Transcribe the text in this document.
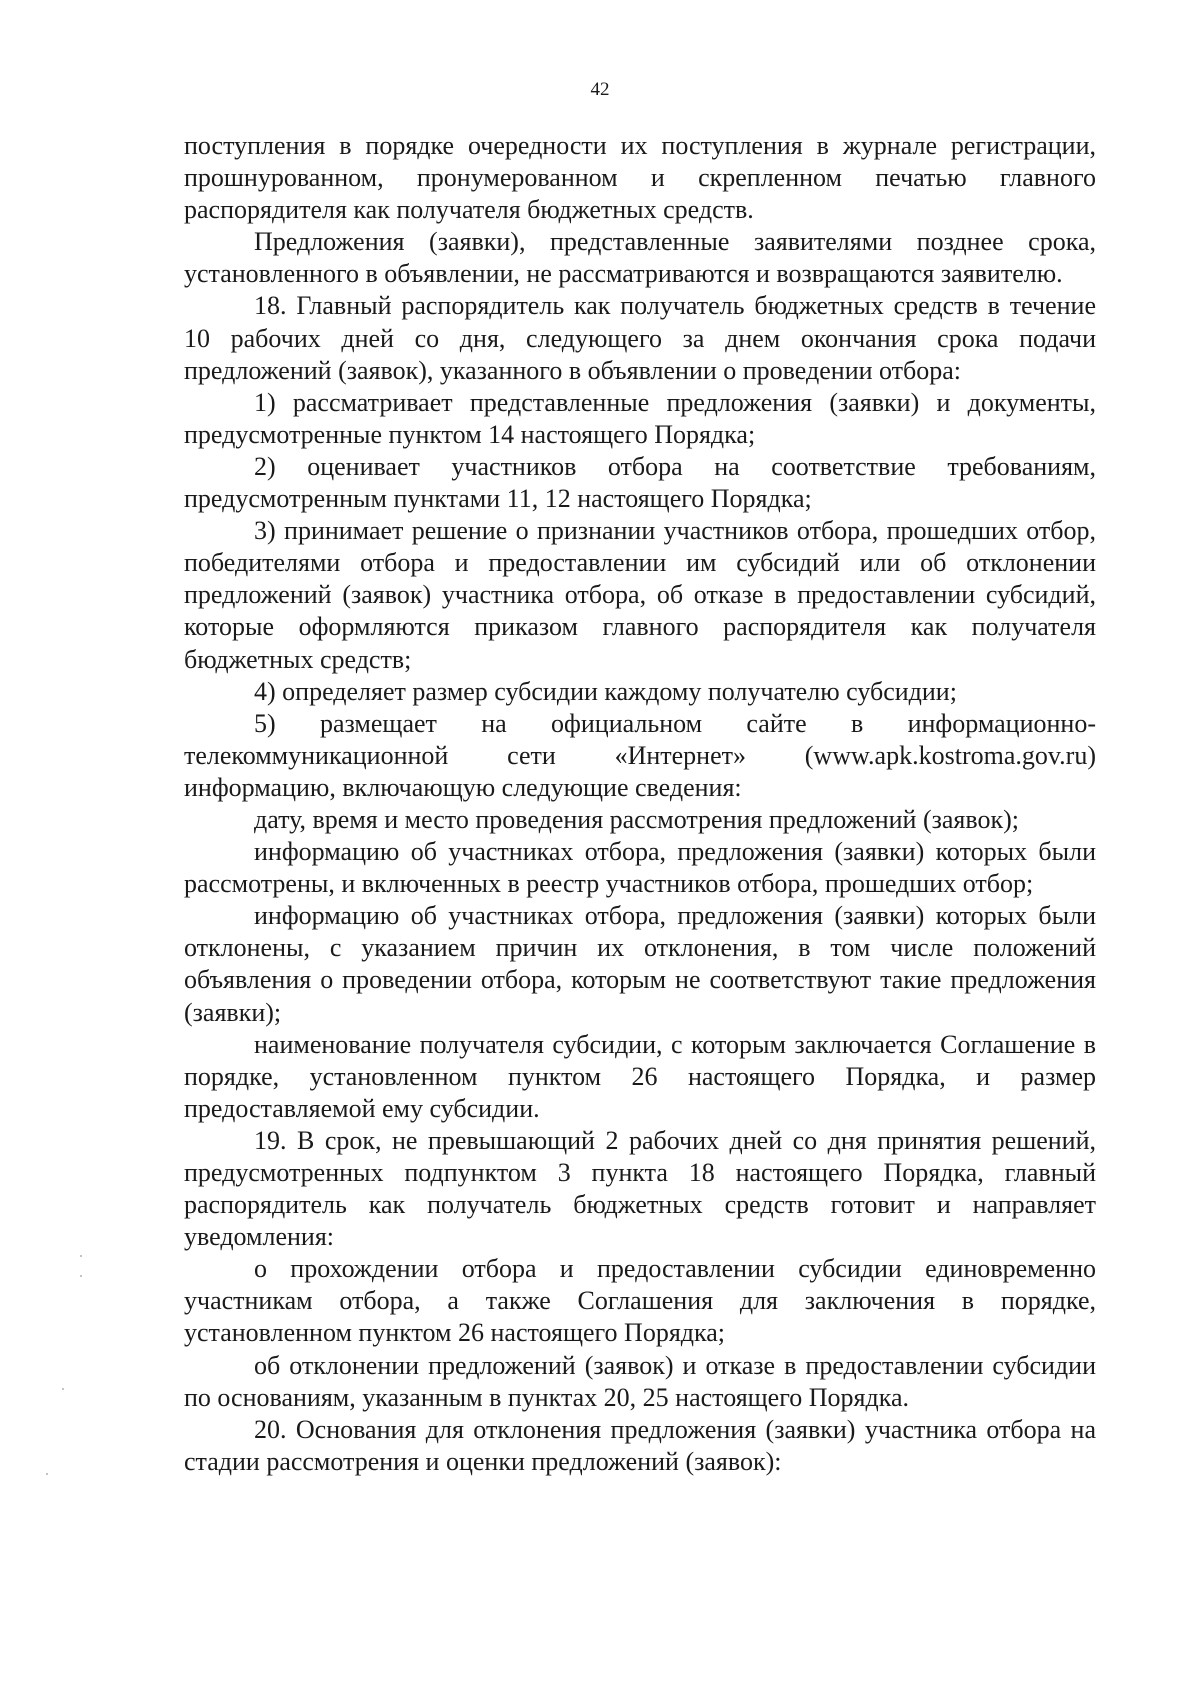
42

поступления в порядке очередности их поступления в журнале регистрации, прошнурованном, пронумерованном и скрепленном печатью главного распорядителя как получателя бюджетных средств.

Предложения (заявки), представленные заявителями позднее срока, установленного в объявлении, не рассматриваются и возвращаются заявителю.

18. Главный распорядитель как получатель бюджетных средств в течение 10 рабочих дней со дня, следующего за днем окончания срока подачи предложений (заявок), указанного в объявлении о проведении отбора:

1) рассматривает представленные предложения (заявки) и документы, предусмотренные пунктом 14 настоящего Порядка;

2) оценивает участников отбора на соответствие требованиям, предусмотренным пунктами 11, 12 настоящего Порядка;

3) принимает решение о признании участников отбора, прошедших отбор, победителями отбора и предоставлении им субсидий или об отклонении предложений (заявок) участника отбора, об отказе в предоставлении субсидий, которые оформляются приказом главного распорядителя как получателя бюджетных средств;

4) определяет размер субсидии каждому получателю субсидии;

5) размещает на официальном сайте в информационно-телекоммуникационной сети «Интернет» (www.apk.kostroma.gov.ru) информацию, включающую следующие сведения:

дату, время и место проведения рассмотрения предложений (заявок);

информацию об участниках отбора, предложения (заявки) которых были рассмотрены, и включенных в реестр участников отбора, прошедших отбор;

информацию об участниках отбора, предложения (заявки) которых были отклонены, с указанием причин их отклонения, в том числе положений объявления о проведении отбора, которым не соответствуют такие предложения (заявки);

наименование получателя субсидии, с которым заключается Соглашение в порядке, установленном пунктом 26 настоящего Порядка, и размер предоставляемой ему субсидии.

19. В срок, не превышающий 2 рабочих дней со дня принятия решений, предусмотренных подпунктом 3 пункта 18 настоящего Порядка, главный распорядитель как получатель бюджетных средств готовит и направляет уведомления:

о прохождении отбора и предоставлении субсидии единовременно участникам отбора, а также Соглашения для заключения в порядке, установленном пунктом 26 настоящего Порядка;

об отклонении предложений (заявок) и отказе в предоставлении субсидии по основаниям, указанным в пунктах 20, 25 настоящего Порядка.

20. Основания для отклонения предложения (заявки) участника отбора на стадии рассмотрения и оценки предложений (заявок):
